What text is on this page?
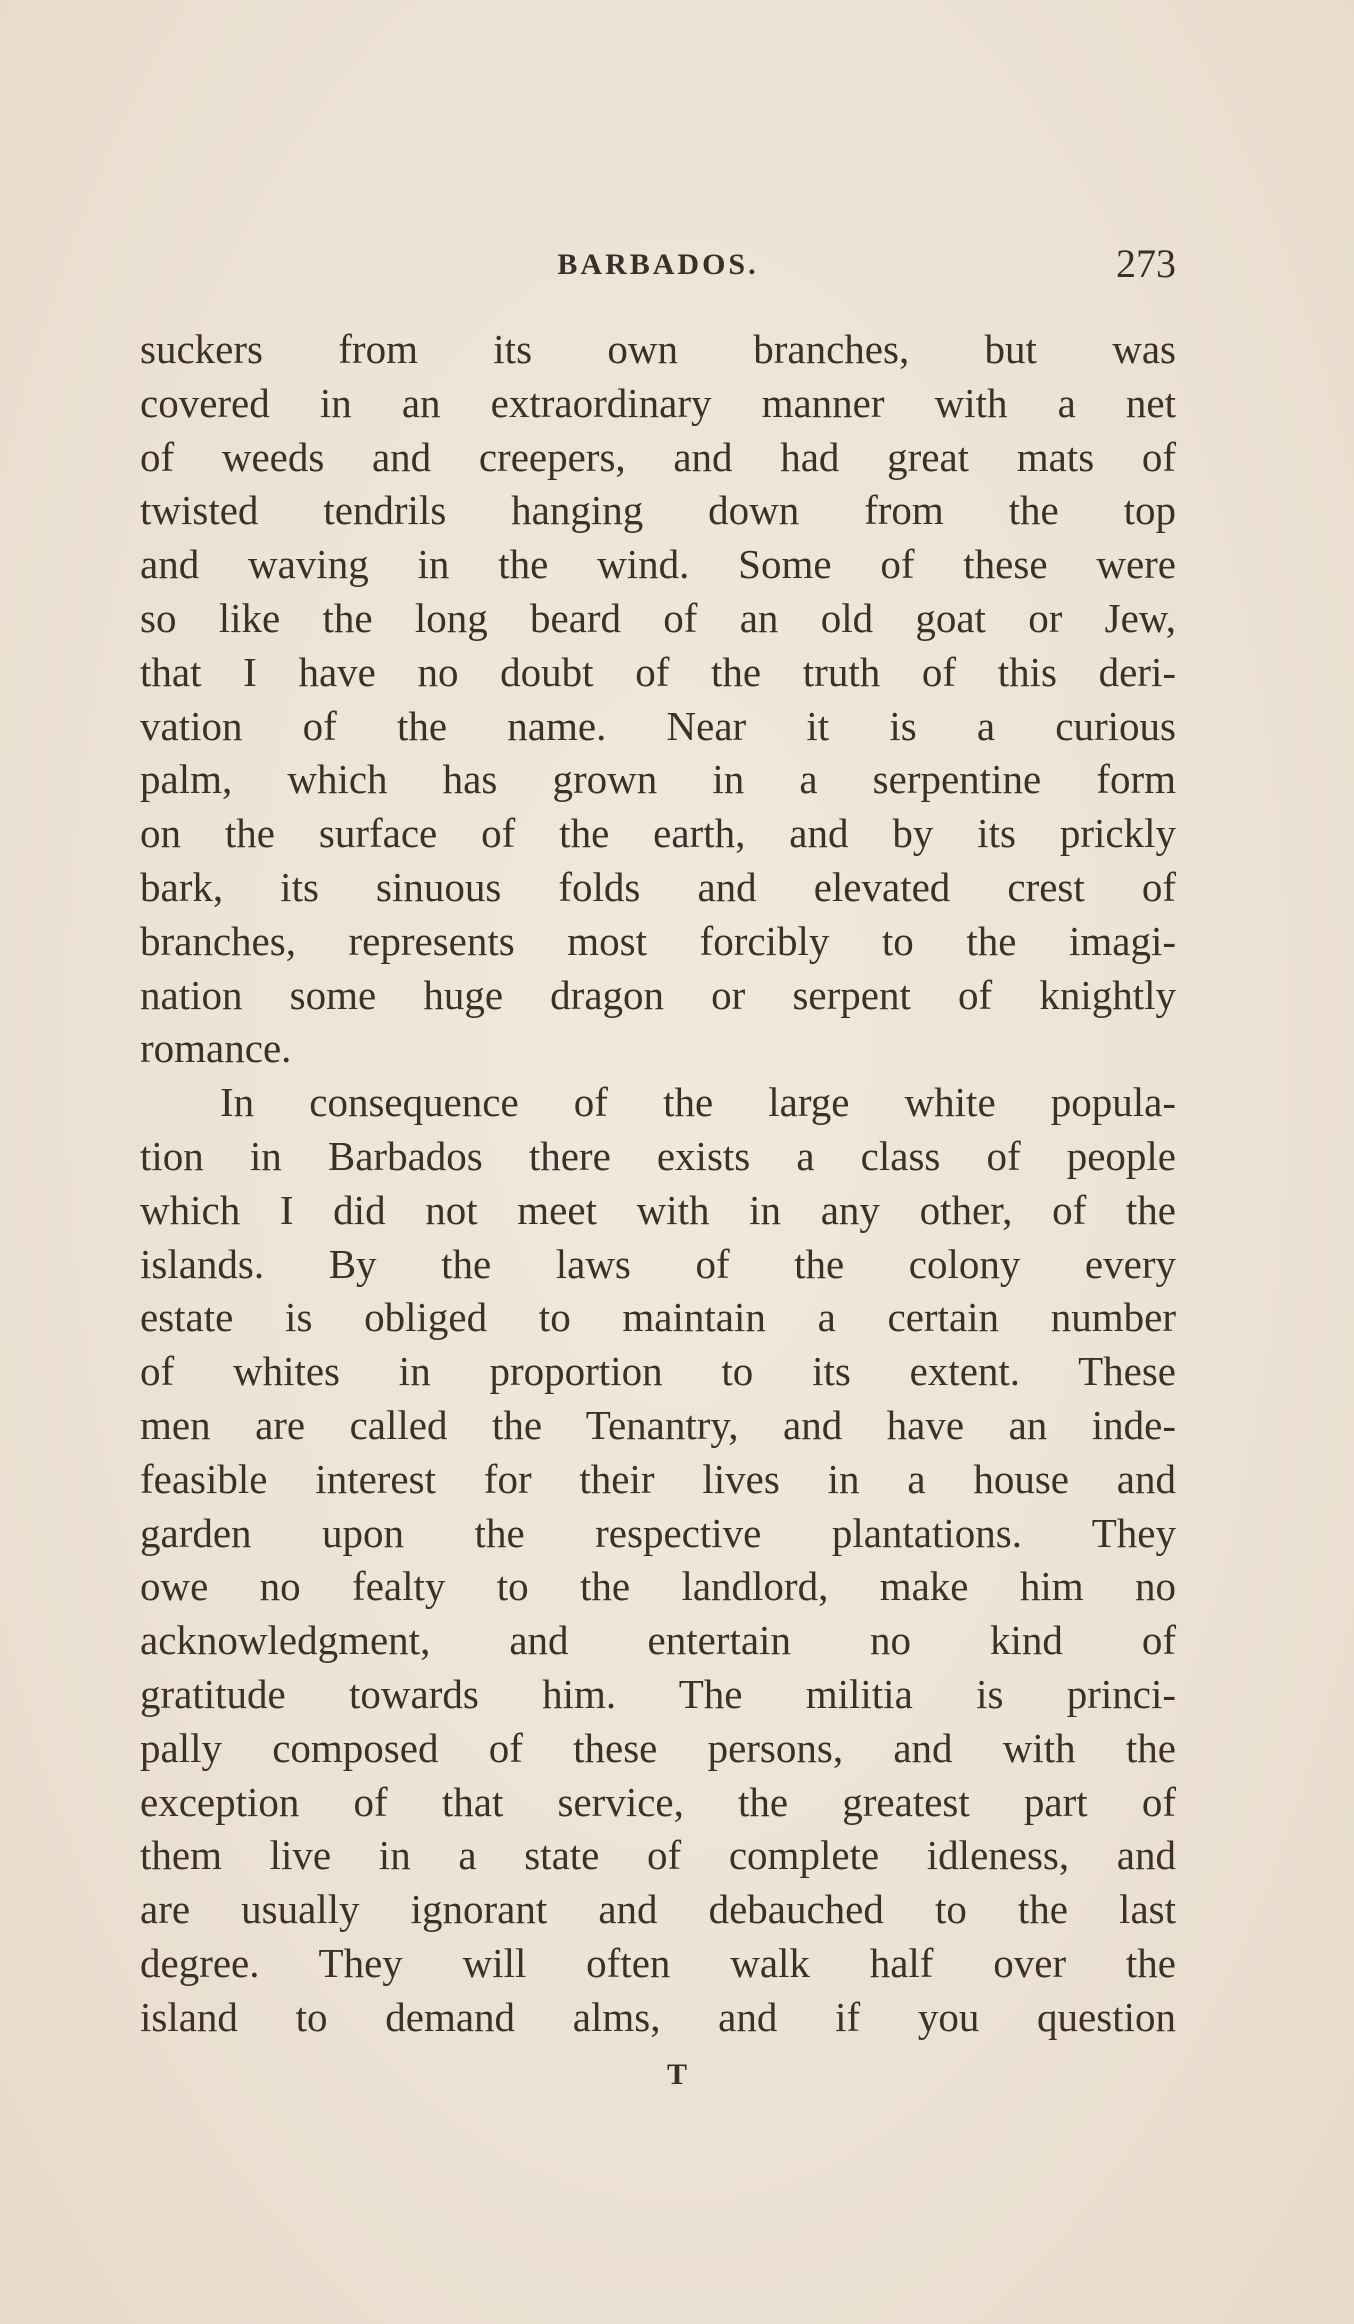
BARBADOS.	273
suckers from its own branches, but was
covered in an extraordinary manner with a net
of weeds and creepers, and had great mats of
twisted tendrils hanging down from the top
and waving in the wind. Some of these were
so like the long beard of an old goat or Jew,
that I have no doubt of the truth of this deri-
vation of the name. Near it is a curious
palm, which has grown in a serpentine form
on the surface of the earth, and by its prickly
bark, its sinuous folds and elevated crest of
branches, represents most forcibly to the imagi-
nation some huge dragon or serpent of knightly
romance.
In consequence of the large white popula-
tion in Barbados there exists a class of people
which I did not meet with in any other, of the
islands. By the laws of the colony every
estate is obliged to maintain a certain number
of whites in proportion to its extent. These
men are called the Tenantry, and have an inde-
feasible interest for their lives in a house and
garden upon the respective plantations. They
owe no fealty to the landlord, make him no
acknowledgment, and entertain no kind of
gratitude towards him. The militia is princi-
pally composed of these persons, and with the
exception of that service, the greatest part of
them live in a state of complete idleness, and
are usually ignorant and debauched to the last
degree. They will often walk half over the
island to demand alms, and if you question
T
